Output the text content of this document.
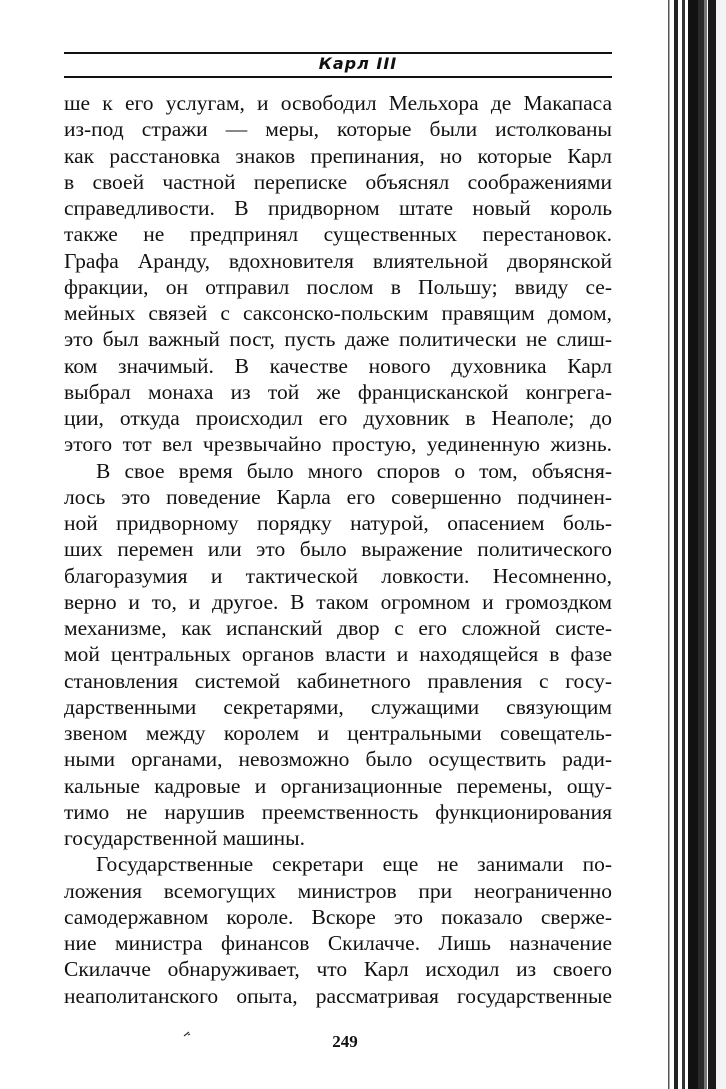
Карл III
ше к его услугам, и освободил Мельхора де Макапаса
из-под стражи — меры, которые были истолкованы
как расстановка знаков препинания, но которые Карл
в своей частной переписке объяснял соображениями
справедливости. В придворном штате новый король
также не предпринял существенных перестановок.
Графа Аранду, вдохновителя влиятельной дворянской
фракции, он отправил послом в Польшу; ввиду се-
мейных связей с саксонско-польским правящим домом,
это был важный пост, пусть даже политически не слиш-
ком значимый. В качестве нового духовника Карл
выбрал монаха из той же францисканской конгрега-
ции, откуда происходил его духовник в Неаполе; до
этого тот вел чрезвычайно простую, уединенную жизнь.
В свое время было много споров о том, объясня-
лось это поведение Карла его совершенно подчинен-
ной придворному порядку натурой, опасением боль-
ших перемен или это было выражение политического
благоразумия и тактической ловкости. Несомненно,
верно и то, и другое. В таком огромном и громоздком
механизме, как испанский двор с его сложной систе-
мой центральных органов власти и находящейся в фазе
становления системой кабинетного правления с госу-
дарственными секретарями, служащими связующим
звеном между королем и центральными совещатель-
ными органами, невозможно было осуществить ради-
кальные кадровые и организационные перемены, ощу-
тимо не нарушив преемственность функционирования
государственной машины.
Государственные секретари еще не занимали по-
ложения всемогущих министров при неограниченно
самодержавном короле. Вскоре это показало сверже-
ние министра финансов Скилаччe. Лишь назначение
Скилаччe обнаруживает, что Карл исходил из своего
неаполитанского опыта, рассматривая государственные
249
